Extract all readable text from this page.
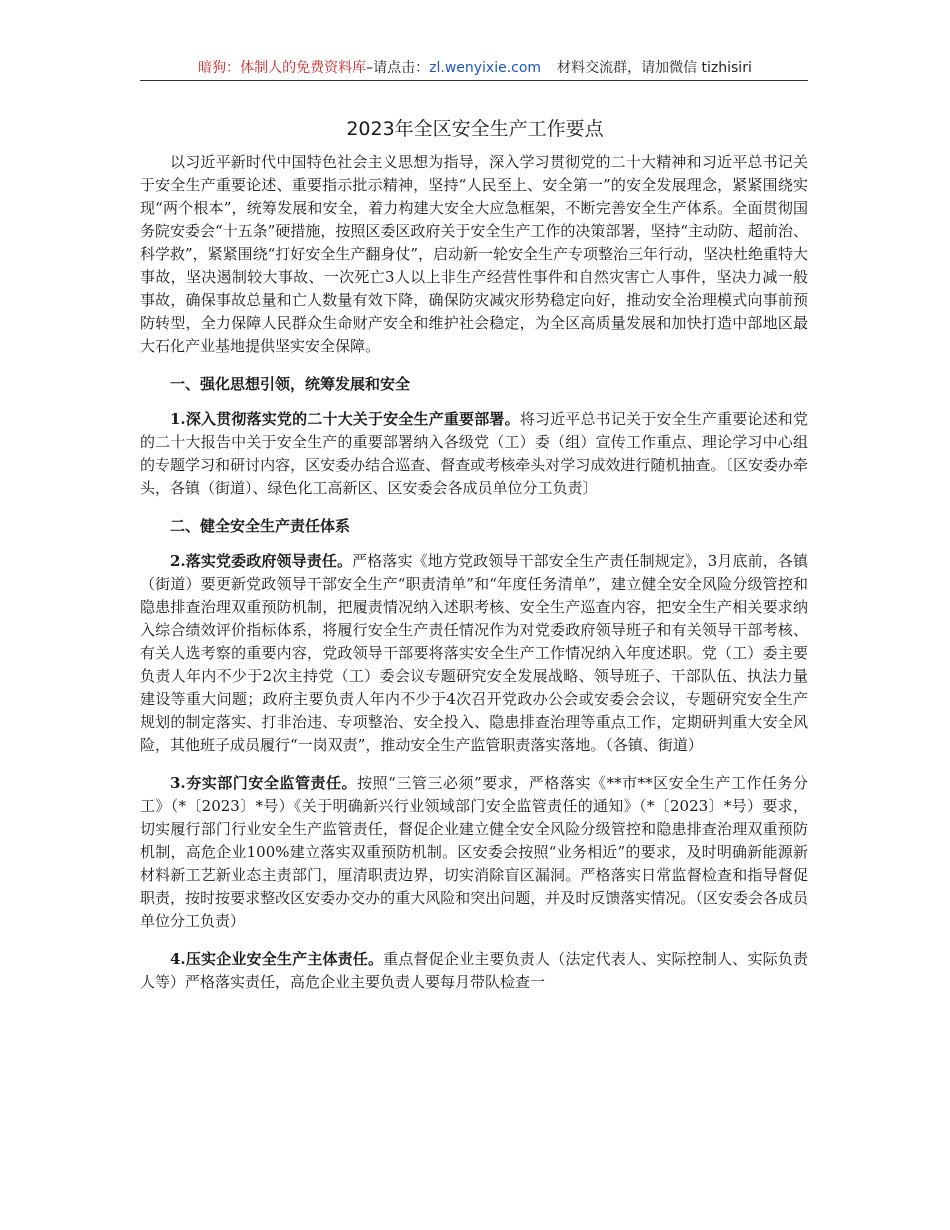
暗狗：体制人的免费资料库–请点击：zl.wenyixie.com 材料交流群，请加微信 tizhisiri
2023年全区安全生产工作要点

以习近平新时代中国特色社会主义思想为指导，深入学习贯彻党的二十大精神和习近平总书记关于安全生产重要论述、重要指示批示精神，坚持“人民至上、安全第一”的安全发展理念，紧紧围绕实现“两个根本”，统筹发展和安全，着力构建大安全大应急框架，不断完善安全生产体系。全面贯彻国务院安委会“十五条”硬措施，按照区委区政府关于安全生产工作的决策部署，坚持“主动防、超前治、科学救”，紧紧围绕“打好安全生产翻身仗”，启动新一轮安全生产专项整治三年行动，坚决杜绝重特大事故，坚决遏制较大事故、一次死亡3人以上非生产经营性事件和自然灾害亡人事件，坚决力减一般事故，确保事故总量和亡人数量有效下降，确保防灾减灾形势稳定向好，推动安全治理模式向事前预防转型，全力保障人民群众生命财产安全和维护社会稳定，为全区高质量发展和加快打造中部地区最大石化产业基地提供坚实安全保障。

一、强化思想引领，统筹发展和安全

1.深入贯彻落实党的二十大关于安全生产重要部署。将习近平总书记关于安全生产重要论述和党的二十大报告中关于安全生产的重要部署纳入各级党（工）委（组）宣传工作重点、理论学习中心组的专题学习和研讨内容，区安委办结合巡查、督查或考核牵头对学习成效进行随机抽查。〔区安委办牵头，各镇（街道）、绿色化工高新区、区安委会各成员单位分工负责〕

二、健全安全生产责任体系

2.落实党委政府领导责任。严格落实《地方党政领导干部安全生产责任制规定》，3月底前，各镇（街道）要更新党政领导干部安全生产“职责清单”和“年度任务清单”，建立健全安全风险分级管控和隐患排查治理双重预防机制，把履责情况纳入述职考核、安全生产巡查内容，把安全生产相关要求纳入综合绩效评价指标体系，将履行安全生产责任情况作为对党委政府领导班子和有关领导干部考核、有关人选考察的重要内容，党政领导干部要将落实安全生产工作情况纳入年度述职。党（工）委主要负责人年内不少于2次主持党（工）委会议专题研究安全发展战略、领导班子、干部队伍、执法力量建设等重大问题；政府主要负责人年内不少于4次召开党政办公会或安委会会议，专题研究安全生产规划的制定落实、打非治违、专项整治、安全投入、隐患排查治理等重点工作，定期研判重大安全风险，其他班子成员履行“一岗双责”，推动安全生产监管职责落实落地。（各镇、街道）

3.夯实部门安全监管责任。按照“三管三必须”要求，严格落实《**市**区安全生产工作任务分工》（*〔2023〕*号）《关于明确新兴行业领域部门安全监管责任的通知》（*〔2023〕*号）要求，切实履行部门行业安全生产监管责任，督促企业建立健全安全风险分级管控和隐患排查治理双重预防机制，高危企业100%建立落实双重预防机制。区安委会按照“业务相近”的要求，及时明确新能源新材料新工艺新业态主责部门，厘清职责边界，切实消除盲区漏洞。严格落实日常监督检查和指导督促职责，按时按要求整改区安委办交办的重大风险和突出问题，并及时反馈落实情况。（区安委会各成员单位分工负责）

4.压实企业安全生产主体责任。重点督促企业主要负责人（法定代表人、实际控制人、实际负责人等）严格落实责任，高危企业主要负责人要每月带队检查一
